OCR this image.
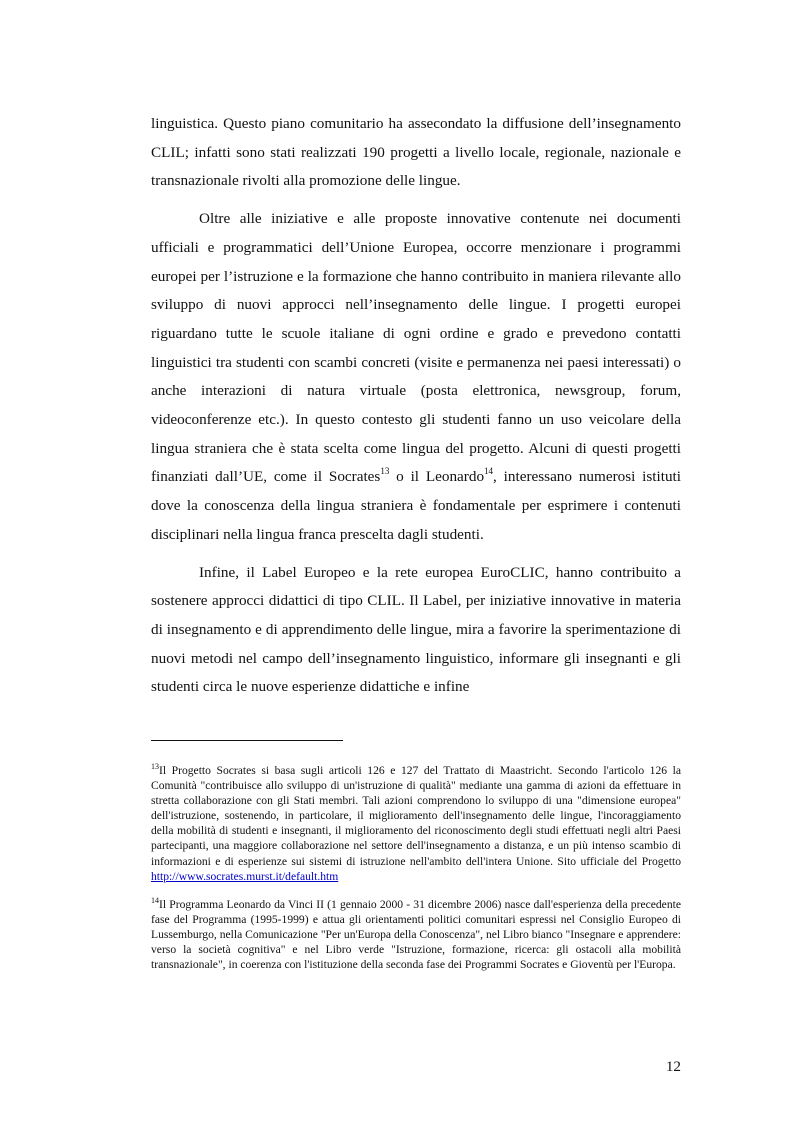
linguistica. Questo piano comunitario ha assecondato la diffusione dell’insegnamento CLIL; infatti sono stati realizzati 190 progetti a livello locale, regionale, nazionale e transnazionale rivolti alla promozione delle lingue.

Oltre alle iniziative e alle proposte innovative contenute nei documenti ufficiali e programmatici dell’Unione Europea, occorre menzionare i programmi europei per l’istruzione e la formazione che hanno contribuito in maniera rilevante allo sviluppo di nuovi approcci nell’insegnamento delle lingue. I progetti europei riguardano tutte le scuole italiane di ogni ordine e grado e prevedono contatti linguistici tra studenti con scambi concreti (visite e permanenza nei paesi interessati) o anche interazioni di natura virtuale (posta elettronica, newsgroup, forum, videoconferenze etc.). In questo contesto gli studenti fanno un uso veicolare della lingua straniera che è stata scelta come lingua del progetto. Alcuni di questi progetti finanziati dall’UE, come il Socrates$^{13}$ o il Leonardo$^{14}$, interessano numerosi istituti dove la conoscenza della lingua straniera è fondamentale per esprimere i contenuti disciplinari nella lingua franca prescelta dagli studenti.

Infine, il Label Europeo e la rete europea EuroCLIC, hanno contribuito a sostenere approcci didattici di tipo CLIL. Il Label, per iniziative innovative in materia di insegnamento e di apprendimento delle lingue, mira a favorire la sperimentazione di nuovi metodi nel campo dell’insegnamento linguistico, informare gli insegnanti e gli studenti circa le nuove esperienze didattiche e infine

$^{13}$Il Progetto Socrates si basa sugli articoli 126 e 127 del Trattato di Maastricht. Secondo l'articolo 126 la Comunità "contribuisce allo sviluppo di un'istruzione di qualità" mediante una gamma di azioni da effettuare in stretta collaborazione con gli Stati membri. Tali azioni comprendono lo sviluppo di una "dimensione europea" dell'istruzione, sostenendo, in particolare, il miglioramento dell'insegnamento delle lingue, l'incoraggiamento della mobilità di studenti e insegnanti, il miglioramento del riconoscimento degli studi effettuati negli altri Paesi partecipanti, una maggiore collaborazione nel settore dell'insegnamento a distanza, e un più intenso scambio di informazioni e di esperienze sui sistemi di istruzione nell'ambito dell'intera Unione. Sito ufficiale del Progetto http://www.socrates.murst.it/default.htm

$^{14}$Il Programma Leonardo da Vinci II (1 gennaio 2000 - 31 dicembre 2006) nasce dall'esperienza della precedente fase del Programma (1995-1999) e attua gli orientamenti politici comunitari espressi nel Consiglio Europeo di Lussemburgo, nella Comunicazione "Per un'Europa della Conoscenza", nel Libro bianco "Insegnare e apprendere: verso la società cognitiva" e nel Libro verde "Istruzione, formazione, ricerca: gli ostacoli alla mobilità transnazionale", in coerenza con l'istituzione della seconda fase dei Programmi Socrates e Gioventù per l'Europa.

12
